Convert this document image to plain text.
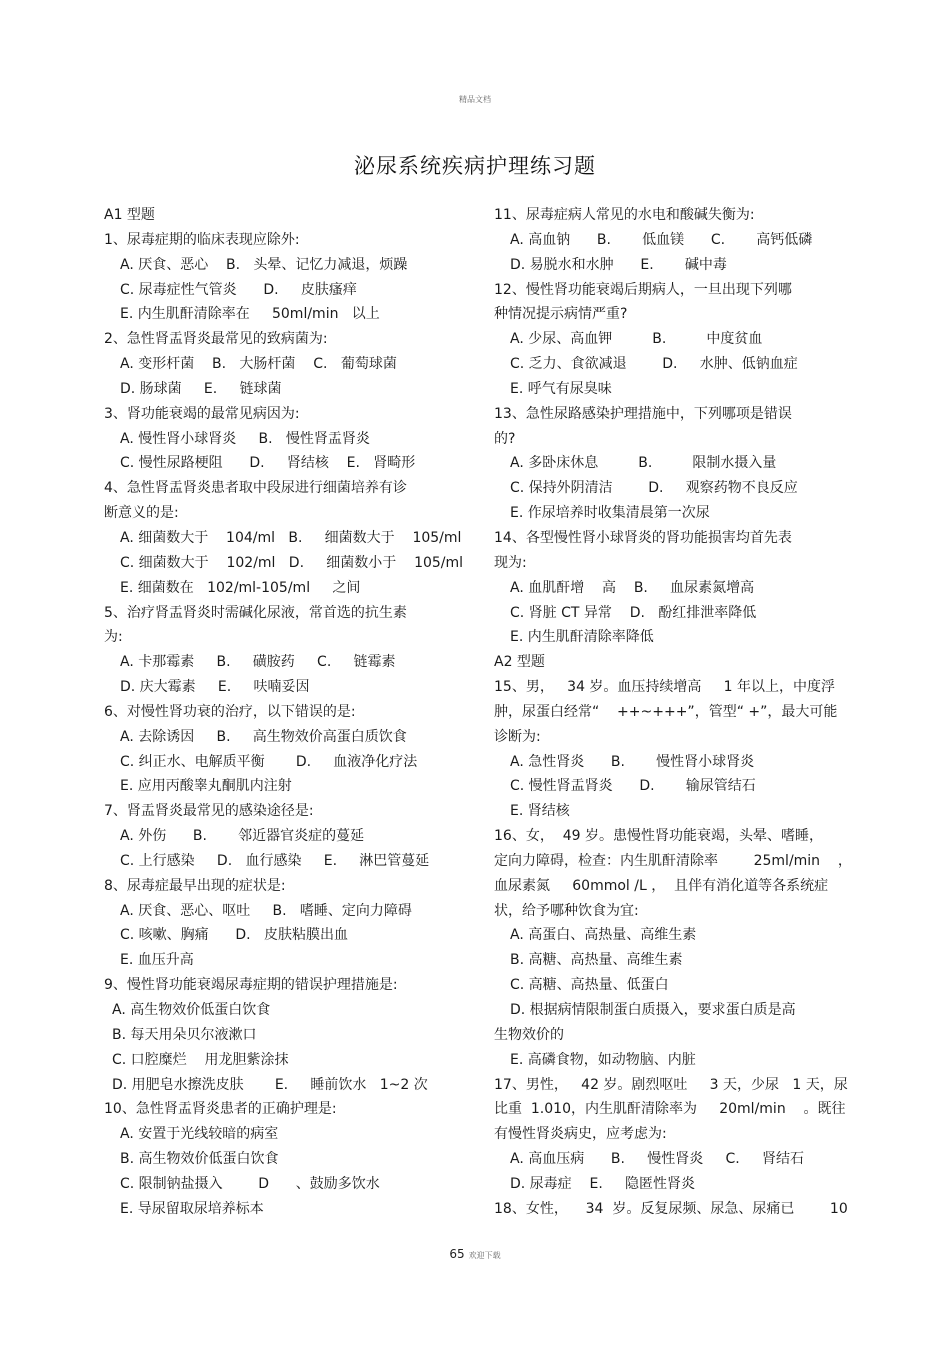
精品文档
泌尿系统疾病护理练习题
A1 型题
1、尿毒症期的临床表现应除外:
A. 厌食、恶心    B.   头晕、记忆力减退，烦躁
C. 尿毒症性气管炎      D.     皮肤瘙痒
E. 内生肌酐清除率在     50ml/min   以上
2、急性肾盂肾炎最常见的致病菌为:
A. 变形杆菌    B.   大肠杆菌    C.   葡萄球菌
D. 肠球菌     E.     链球菌
3、肾功能衰竭的最常见病因为:
A. 慢性肾小球肾炎     B.   慢性肾盂肾炎
C. 慢性尿路梗阻      D.     肾结核    E.   肾畸形
4、急性肾盂肾炎患者取中段尿进行细菌培养有诊
断意义的是:
A. 细菌数大于    104/ml   B.     细菌数大于    105/ml
C. 细菌数大于    102/ml   D.     细菌数小于    105/ml
E. 细菌数在   102/ml-105/ml     之间
5、治疗肾盂肾炎时需碱化尿液，常首选的抗生素
为:
A. 卡那霉素     B.     磺胺药     C.     链霉素
D. 庆大霉素     E.     呋喃妥因
6、对慢性肾功衰的治疗，以下错误的是:
A. 去除诱因     B.     高生物效价高蛋白质饮食
C. 纠正水、电解质平衡       D.     血液净化疗法
E. 应用丙酸睾丸酮肌内注射
7、肾盂肾炎最常见的感染途径是:
A. 外伤      B.       邻近器官炎症的蔓延
C. 上行感染     D.   血行感染     E.     淋巴管蔓延
8、尿毒症最早出现的症状是:
A. 厌食、恶心、呕吐     B.   嗜睡、定向力障碍
C. 咳嗽、胸痛      D.   皮肤粘膜出血
E. 血压升高
9、慢性肾功能衰竭尿毒症期的错误护理措施是:
A. 高生物效价低蛋白饮食
B. 每天用朵贝尔液漱口
C. 口腔糜烂    用龙胆紫涂抹
D. 用肥皂水擦洗皮肤       E.     睡前饮水   1~2 次
10、急性肾盂肾炎患者的正确护理是:
A. 安置于光线较暗的病室
B. 高生物效价低蛋白饮食
C. 限制钠盐摄入        D      、鼓励多饮水
E. 导尿留取尿培养标本
11、尿毒症病人常见的水电和酸碱失衡为:
A. 高血钠      B.       低血镁      C.       高钙低磷
D. 易脱水和水肿      E.       碱中毒
12、慢性肾功能衰竭后期病人，一旦出现下列哪
种情况提示病情严重?
A. 少尿、高血钾         B.         中度贫血
C. 乏力、食欲减退        D.     水肿、低钠血症
E. 呼气有尿臭味
13、急性尿路感染护理措施中，下列哪项是错误
的?
A. 多卧床休息         B.         限制水摄入量
C. 保持外阴清洁        D.     观察药物不良反应
E. 作尿培养时收集清晨第一次尿
14、各型慢性肾小球肾炎的肾功能损害均首先表
现为:
A. 血肌酐增    高    B.     血尿素氮增高
C. 肾脏 CT 异常    D.   酚红排泄率降低
E. 内生肌酐清除率降低
A2 型题
15、男，   34 岁。血压持续增高     1 年以上，中度浮
肿，尿蛋白经常“    ++~+++”，管型“ +”，最大可能
诊断为:
A. 急性肾炎      B.       慢性肾小球肾炎
C. 慢性肾盂肾炎      D.       输尿管结石
E. 肾结核
16、女，  49 岁。患慢性肾功能衰竭，头晕、嗜睡，
定向力障碍，检查：内生肌酐清除率        25ml/min    ，
血尿素氮     60mmol /L ，  且伴有消化道等各系统症
状，给予哪种饮食为宜:
A. 高蛋白、高热量、高维生素
B. 高糖、高热量、高维生素
C. 高糖、高热量、低蛋白
D. 根据病情限制蛋白质摄入，要求蛋白质是高
生物效价的
E. 高磷食物，如动物脑、内脏
17、男性，   42 岁。剧烈呕吐     3 天，少尿   1 天，尿
比重  1.010，内生肌酐清除率为     20ml/min    。既往
有慢性肾炎病史，应考虑为:
A. 高血压病      B.     慢性肾炎     C.     肾结石
D. 尿毒症    E.     隐匿性肾炎
18、女性，    34  岁。反复尿频、尿急、尿痛已        10
65 欢迎下载
